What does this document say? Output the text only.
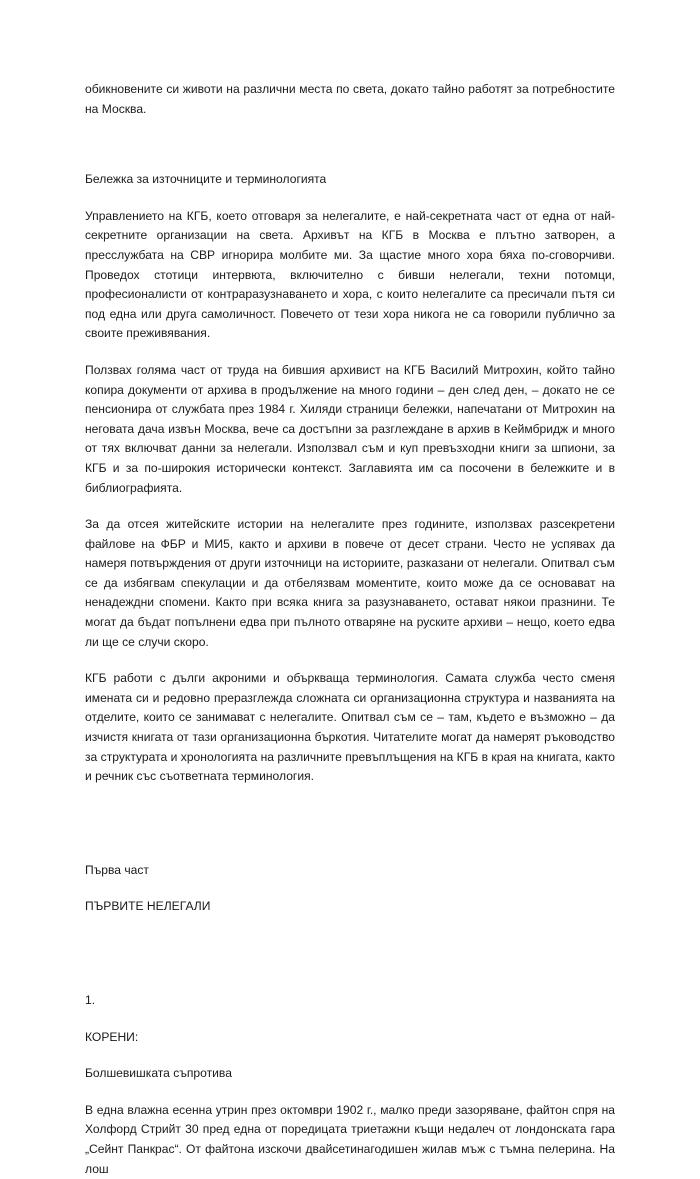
обикновените си животи на различни места по света, докато тайно работят за потребностите на Москва.

Бележка за източниците и терминологията

Управлението на КГБ, което отговаря за нелегалите, е най-секретната част от една от най-секретните организации на света. Архивът на КГБ в Москва е плътно затворен, а пресслужбата на СВР игнорира молбите ми. За щастие много хора бяха по-сговорчиви. Проведох стотици интервюта, включително с бивши нелегали, техни потомци, професионалисти от контраразузнаването и хора, с които нелегалите са пресичали пътя си под една или друга самоличност. Повечето от тези хора никога не са говорили публично за своите преживявания.

Ползвах голяма част от труда на бившия архивист на КГБ Василий Митрохин, който тайно копира документи от архива в продължение на много години – ден след ден, – докато не се пенсионира от службата през 1984 г. Хиляди страници бележки, напечатани от Митрохин на неговата дача извън Москва, вече са достъпни за разглеждане в архив в Кеймбридж и много от тях включват данни за нелегали. Използвал съм и куп превъзходни книги за шпиони, за КГБ и за по-широкия исторически контекст. Заглавията им са посочени в бележките и в библиографията.

За да отсея житейските истории на нелегалите през годините, използвах разсекретени файлове на ФБР и МИ5, както и архиви в повече от десет страни. Често не успявах да намеря потвърждения от други източници на историите, разказани от нелегали. Опитвал съм се да избягвам спекулации и да отбелязвам моментите, които може да се основават на ненадеждни спомени. Както при всяка книга за разузнаването, остават някои празнини. Те могат да бъдат попълнени едва при пълното отваряне на руските архиви – нещо, което едва ли ще се случи скоро.

КГБ работи с дълги акроними и объркваща терминология. Самата служба често сменя имената си и редовно преразглежда сложната си организационна структура и названията на отделите, които се занимават с нелегалите. Опитвал съм се – там, където е възможно – да изчистя книгата от тази организационна бъркотия. Читателите могат да намерят ръководство за структурата и хронологията на различните превъплъщения на КГБ в края на книгата, както и речник със съответната терминология.

Първа част

ПЪРВИТЕ НЕЛЕГАЛИ

1.

КОРЕНИ:

Болшевишката съпротива

В една влажна есенна утрин през октомври 1902 г., малко преди зазоряване, файтон спря на Холфорд Стрийт 30 пред една от поредицата триетажни къщи недалеч от лондонската гара „Сейнт Панкрас“. От файтона изскочи двайсетинагодишен жилав мъж с тъмна пелерина. На лош
